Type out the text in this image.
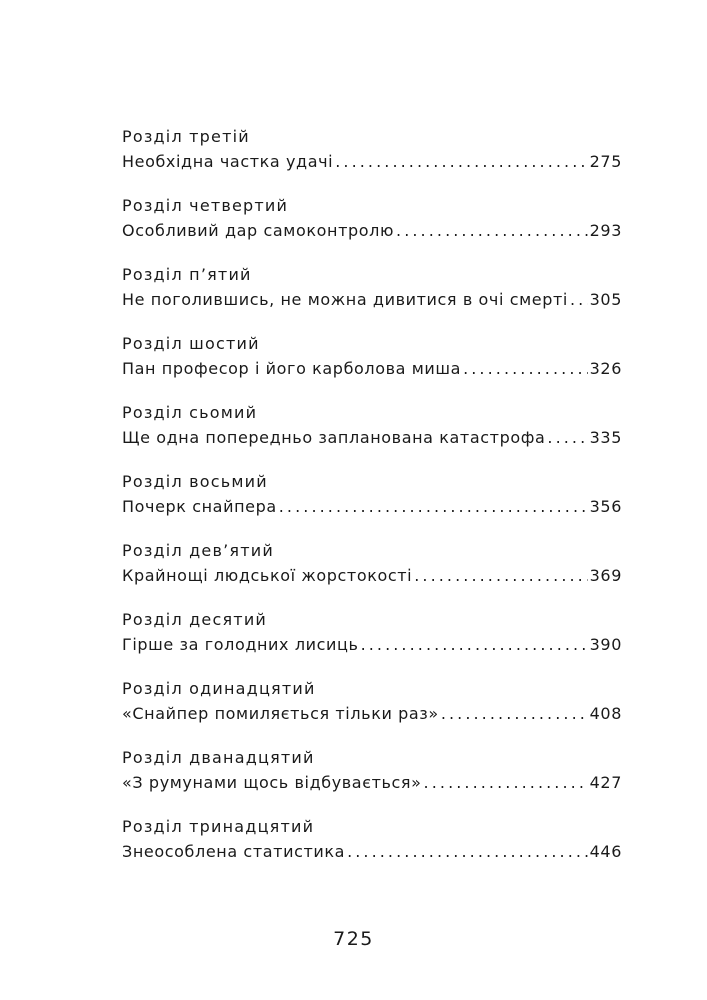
Розділ третій
Необхідна частка удачі . . .	275
Розділ четвертий
Особливий дар самоконтролю . . .	293
Розділ п’ятий
Не поголившись, не можна дивитися в очі смерті . . . 305
Розділ шостий
Пан професор і його карболова миша . . .	326
Розділ сьомий
Ще одна попередньо запланована катастрофа . . .	335
Розділ восьмий
Почерк снайпера . . .	356
Розділ дев’ятий
Крайнощі людської жорстокості . . .	369
Розділ десятий
Гірше за голодних лисиць . . .	390
Розділ одинадцятий
«Снайпер помиляється тільки раз» . . .	408
Розділ дванадцятий
«З румунами щось відбувається» . . .	427
Розділ тринадцятий
Знеособлена статистика . . .	446
725
